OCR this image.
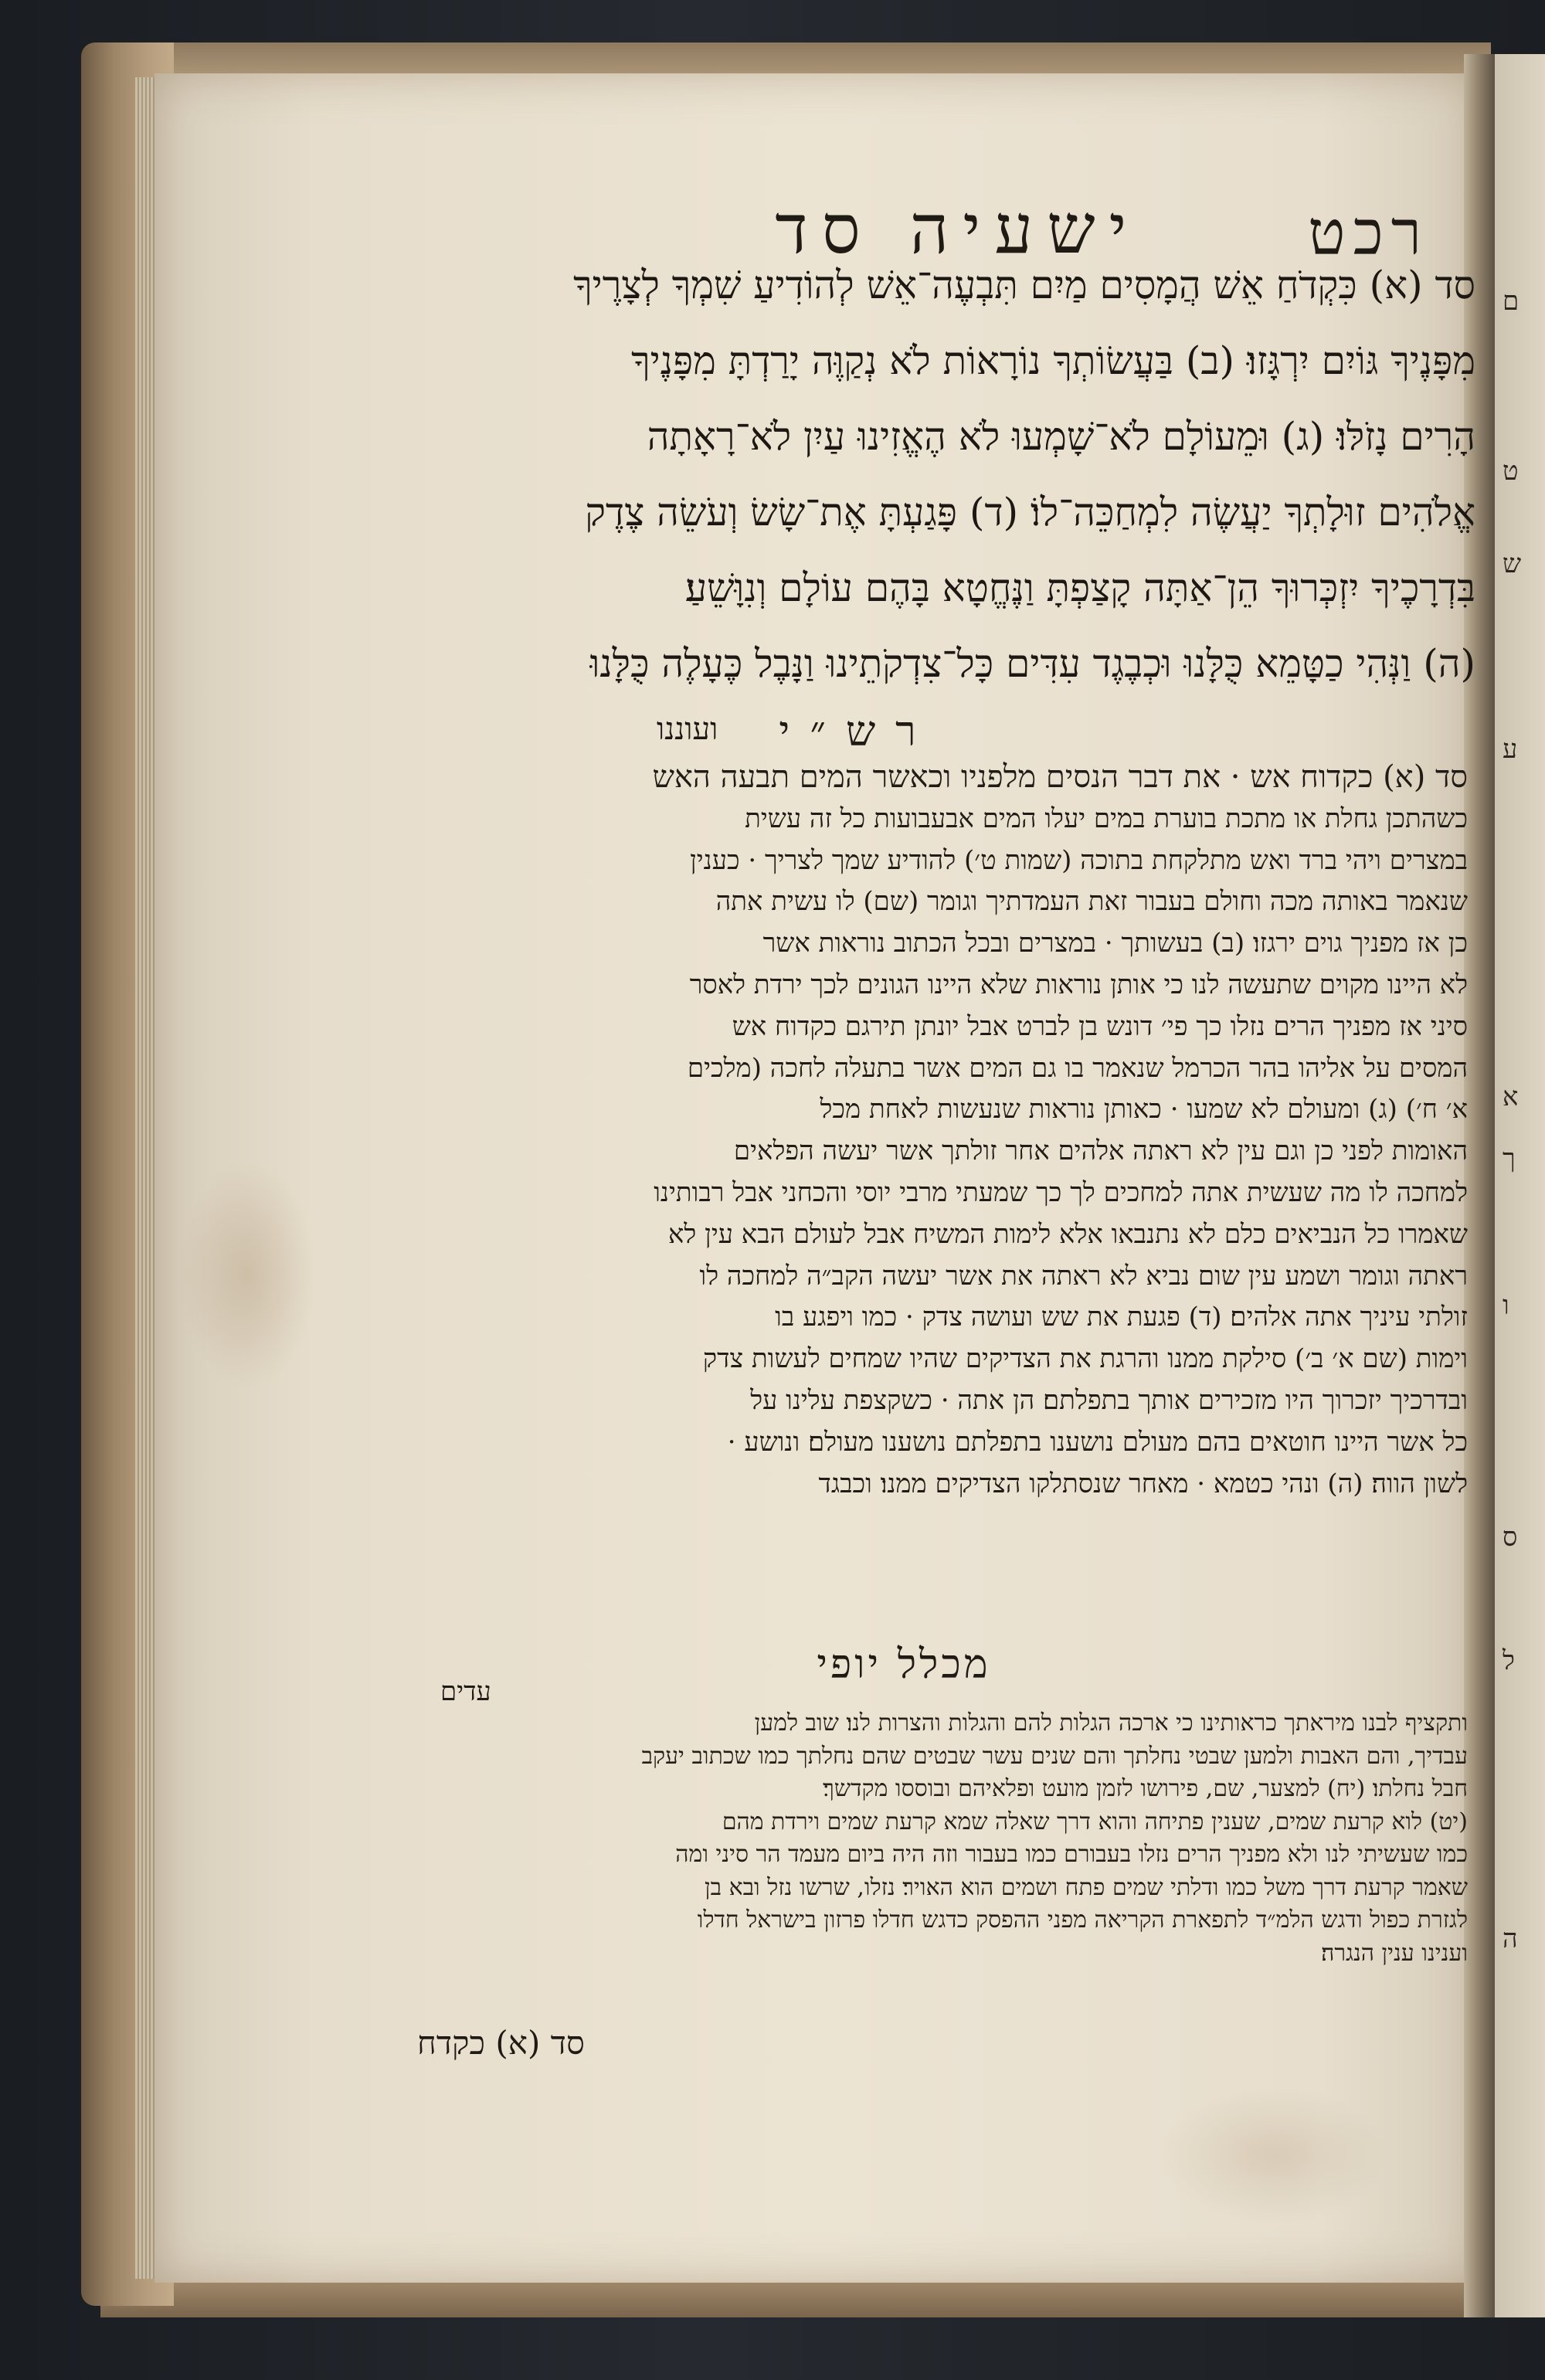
ם
ט
ש
ע
א
ך
ו
ס
ל
ה
ישעיה סד	רכט
סד (א) כִּקְדֹחַ אֵשׁ הֲמָסִים מַיִם תִּבְעֶה־אֵשׁ לְהוֹדִיעַ שִׁמְךָ לְצָרֶיךָ
מִפָּנֶיךָ גּוֹיִם יִרְגָּזוּ׃ (ב) בַּעֲשׂוֹתְךָ נוֹרָאוֹת לֹא נְקַוֶּה יָרַדְתָּ מִפָּנֶיךָ
הָרִים נָזֹלּוּ׃ (ג) וּמֵעוֹלָם לֹא־שָׁמְעוּ לֹא הֶאֱזִינוּ עַיִן לֹא־רָאָתָה
אֱלֹהִים זוּלָתְךָ יַעֲשֶׂה לִמְחַכֵּה־לוֹ׃ (ד) פָּגַעְתָּ אֶת־שָׂשׂ וְעֹשֵׂה צֶדֶק
בִּדְרָכֶיךָ יִזְכְּרוּךָ הֵן־אַתָּה קָצַפְתָּ וַנֶּחֱטָא בָּהֶם עוֹלָם וְנִוָּשֵׁעַ׃
(ה) וַנְּהִי כַטָּמֵא כֻּלָּנוּ וּכְבֶגֶד עִדִּים כָּל־צִדְקֹתֵינוּ וַנָּבֶל כֶּעָלֶה כֻּלָּנוּ
ועוננו	רש״י
סד (א) כקדוח אש · את דבר הנסים מלפניו וכאשר המים תבעה האש
כשהתכן גחלת או מתכת בוערת במים יעלו המים אבעבועות כל זה עשית
במצרים ויהי ברד ואש מתלקחת בתוכה (שמות ט׳) להודיע שמך לצריך · כענין
שנאמר באותה מכה וחולם בעבור זאת העמדתיך וגומר (שם) לו עשית אתה
כן אז מפניך גוים ירגזו׃ (ב) בעשותך · במצרים ובכל הכתוב נוראות אשר
לא היינו מקוים שתעשה לנו כי אותן נוראות שלא היינו הגונים לכך ירדת לאסר
סיני אז מפניך הרים נזלו כך פי׳ דונש בן לברט אבל יונתן תירגם כקדוח אש
המסים על אליהו בהר הכרמל שנאמר בו גם המים אשר בתעלה לחכה (מלכים
א׳ ח׳) (ג) ומעולם לא שמעו · כאותן נוראות שנעשות לאחת מכל
האומות לפני כן וגם עין לא ראתה אלהים אחר זולתך אשר יעשה הפלאים
למחכה לו מה שעשית אתה למחכים לך כך שמעתי מרבי יוסי והכחני אבל רבותינו
שאמרו כל הנביאים כלם לא נתנבאו אלא לימות המשיח אבל לעולם הבא עין לא
ראתה וגומר ושמע עין שום נביא לא ראתה את אשר יעשה הקב״ה למחכה לו
זולתי עיניך אתה אלהים׃ (ד) פגעת את שש ועושה צדק · כמו ויפגע בו
וימות (שם א׳ ב׳) סילקת ממנו והרגת את הצדיקים שהיו שמחים לעשות צדק
ובדרכיך יזכרוך היו מזכירים אותך בתפלתם׃ הן אתה · כשקצפת עלינו על
כל אשר היינו חוטאים בהם מעולם נושענו בתפלתם נושענו מעולם׃ ונושע ·
לשון הווה׃ (ה) ונהי כטמא · מאחר שנסתלקו הצדיקים ממנו׃ וכבגד
עדים
מכלל יופי
ותקציף לבנו מיראתך כראותינו כי ארכה הגלות להם והגלות והצרות לנו׃ שוב למען
עבדיך, והם האבות ולמען שבטי נחלתך והם שנים עשר שבטים שהם נחלתך כמו שכתוב יעקב
חבל נחלתו׃ (יח) למצער, שם, פירושו לזמן מועט ופלאיהם ובוססו מקדשך׃
(יט) לוא קרעת שמים, שענין פתיחה והוא דרך שאלה שמא קרעת שמים וירדת מהם
כמו שעשיתי לנו ולא מפניך הרים נזלו בעבורם כמו בעבור וזה היה ביום מעמד הר סיני ומה
שאמר קרעת דרך משל כמו ודלתי שמים פתח ושמים הוא האויר׃ נזלו, שרשו נזל ובא בן
לגזרת כפול ודגש הלמ״ד לתפארת הקריאה מפני ההפסק כדגש חדלו פרזון בישראל חדלו
וענינו ענין הנגרה׃
סד (א) כקדח
